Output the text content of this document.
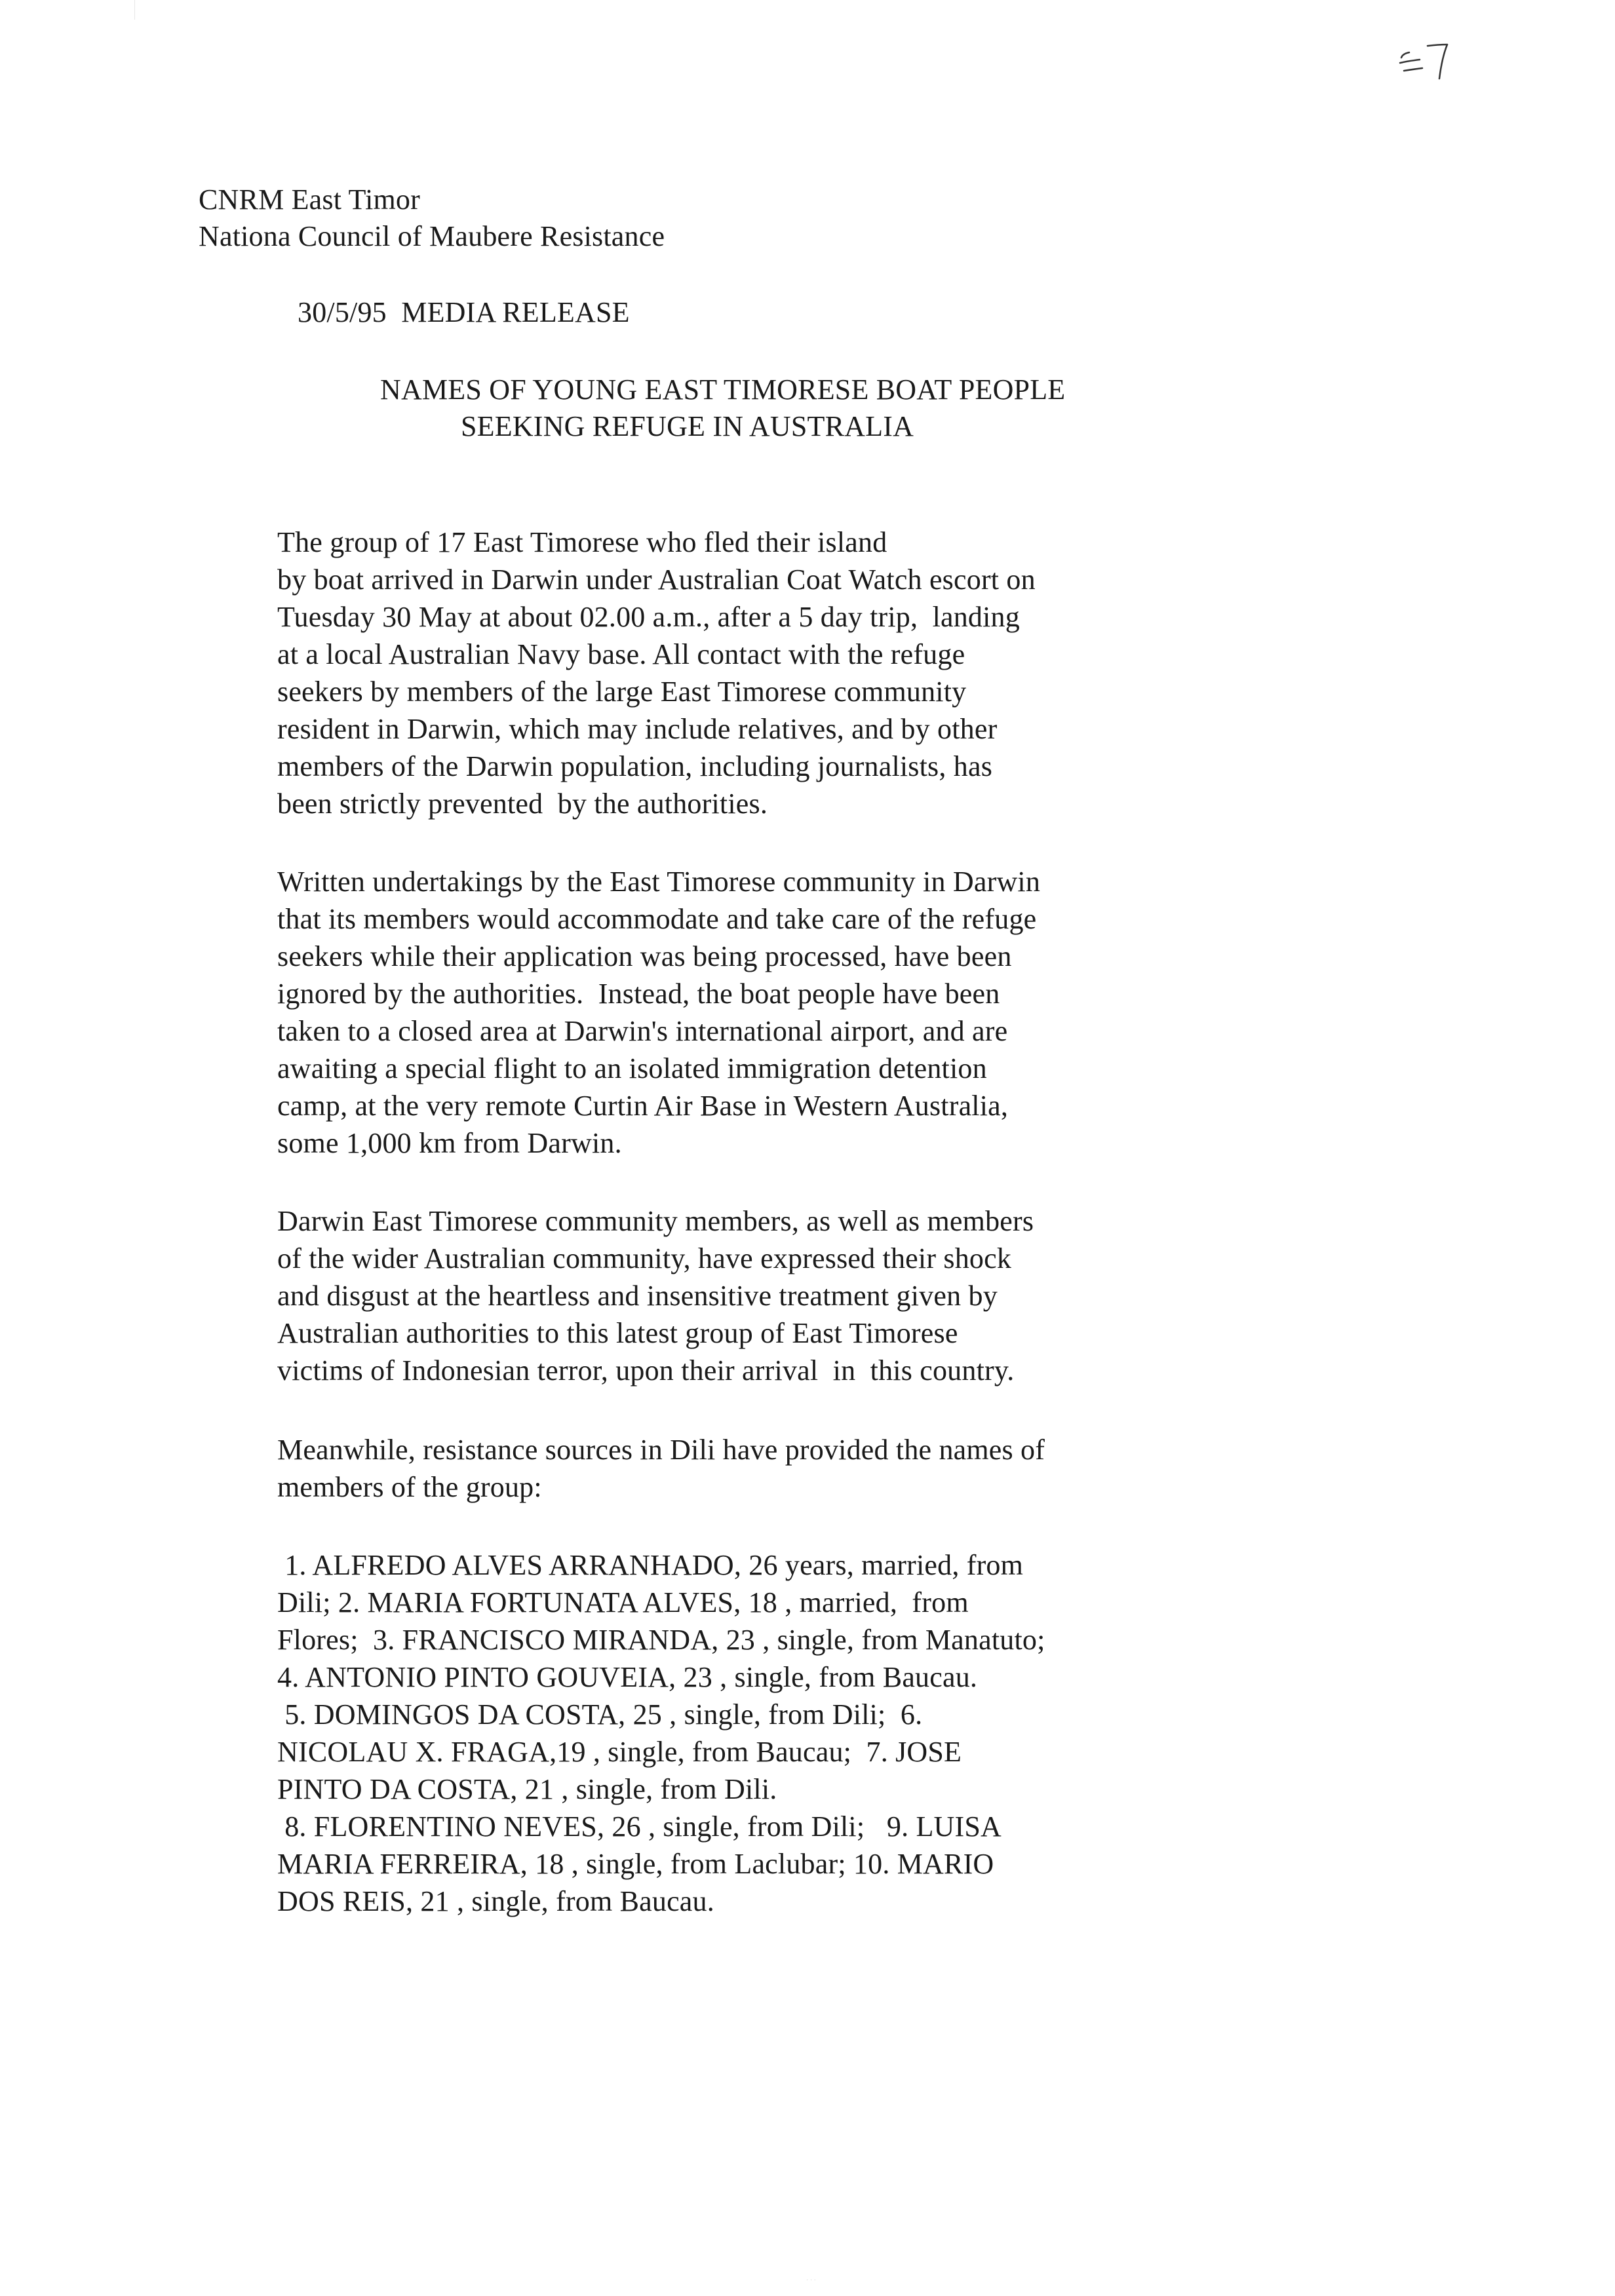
CNRM East Timor
Nationa Council of Maubere Resistance
30/5/95  MEDIA RELEASE
NAMES OF YOUNG EAST TIMORESE BOAT PEOPLE
SEEKING REFUGE IN AUSTRALIA
The group of 17 East Timorese who fled their island
by boat arrived in Darwin under Australian Coat Watch escort on
Tuesday 30 May at about 02.00 a.m., after a 5 day trip,  landing
at a local Australian Navy base. All contact with the refuge
seekers by members of the large East Timorese community
resident in Darwin, which may include relatives, and by other
members of the Darwin population, including journalists, has
been strictly prevented  by the authorities.
Written undertakings by the East Timorese community in Darwin
that its members would accommodate and take care of the refuge
seekers while their application was being processed, have been
ignored by the authorities.  Instead, the boat people have been
taken to a closed area at Darwin's international airport, and are
awaiting a special flight to an isolated immigration detention
camp, at the very remote Curtin Air Base in Western Australia,
some 1,000 km from Darwin.
Darwin East Timorese community members, as well as members
of the wider Australian community, have expressed their shock
and disgust at the heartless and insensitive treatment given by
Australian authorities to this latest group of East Timorese
victims of Indonesian terror, upon their arrival  in  this country.
Meanwhile, resistance sources in Dili have provided the names of
members of the group:
1. ALFREDO ALVES ARRANHADO, 26 years, married, from
Dili; 2. MARIA FORTUNATA ALVES, 18 , married,  from
Flores;  3. FRANCISCO MIRANDA, 23 , single, from Manatuto;
4. ANTONIO PINTO GOUVEIA, 23 , single, from Baucau.
5. DOMINGOS DA COSTA, 25 , single, from Dili;  6.
NICOLAU X. FRAGA,19 , single, from Baucau;  7. JOSE
PINTO DA COSTA, 21 , single, from Dili.
8. FLORENTINO NEVES, 26 , single, from Dili;   9. LUISA
MARIA FERREIRA, 18 , single, from Laclubar; 10. MARIO
DOS REIS, 21 , single, from Baucau.
· · ·
